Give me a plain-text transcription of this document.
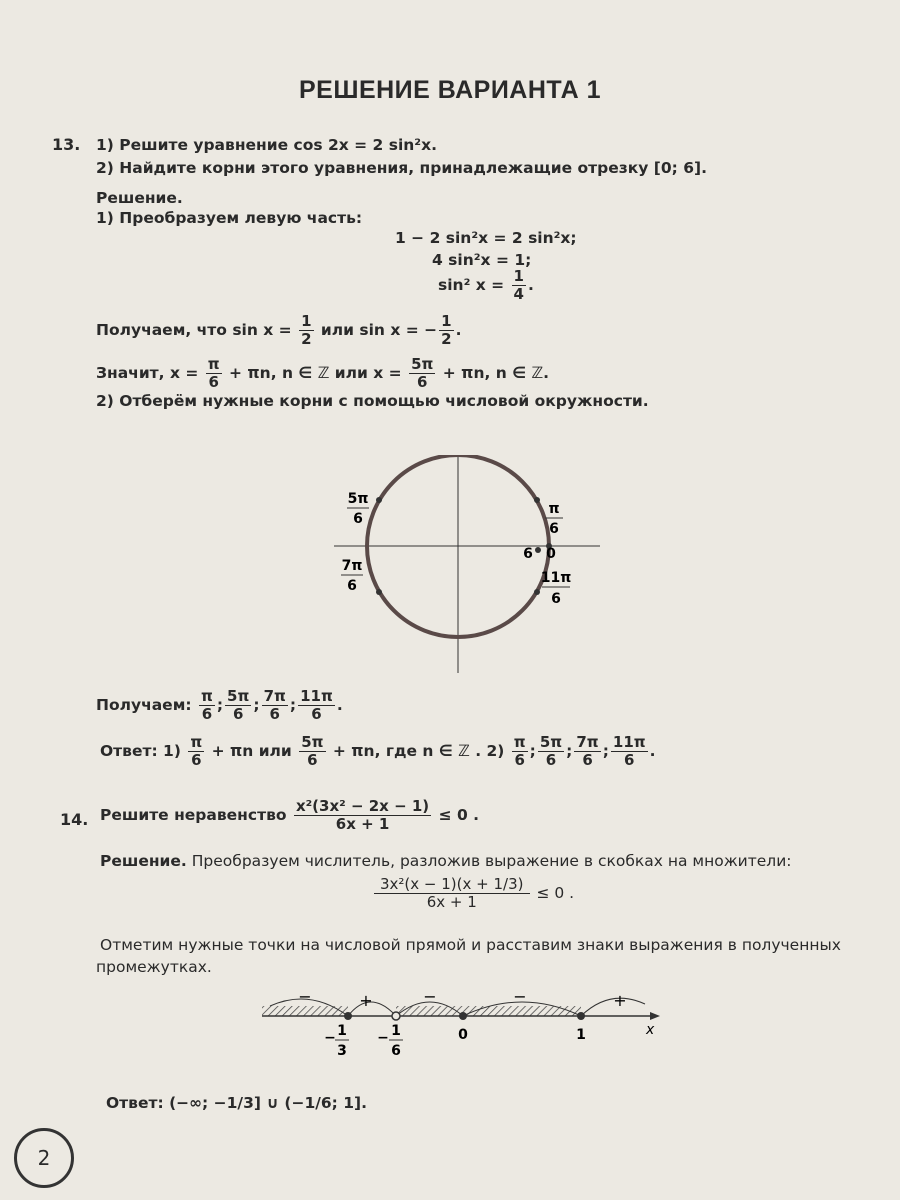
РЕШЕНИЕ ВАРИАНТА 1
13. 1) Решите уравнение cos 2x = 2 sin²x.
2) Найдите корни этого уравнения, принадлежащие отрезку [0; 6].
Решение.
1) Преобразуем левую часть:
1 − 2 sin²x = 2 sin²x;
4 sin²x = 1;
sin² $x = \frac{1}{4}$ .
Получаем, что $\sin x = \frac{1}{2}$ или sin x = − $\frac{1}{2}$ .
Значит, $x = \frac{\pi}{6} + \pi n$, n ∈ ℤ или $x = \frac{5\pi}{6} + \pi n$, n ∈ ℤ.
2) Отберём нужные корни с помощью числовой окружности.
5π
6
π
6
7π
6	11π
6
6 0
Получаем: $\frac{\pi}{6}$ ; $\frac{5\pi}{6}$ ; $\frac{7\pi}{6}$ ; $\frac{11\pi}{6}$ .
Ответ: $1) \frac{\pi}{6} + \pi n$ или $\frac{5\pi}{6} + \pi n$, где n ∈ ℤ . $2) \frac{\pi}{6}$ ; $\frac{5\pi}{6}$ ; $\frac{7\pi}{6}$ ; $\frac{11\pi}{6}$ .
14. Решите неравенство $\frac{\text{x²(3x² − 2x − 1)}}{6x + 1} \le 0$ .
Решение. Преобразуем числитель, разложив выражение в скобках на множители:
$\frac{\text{3x²(x − 1)(x + 1/3)}}{6x + 1} \le 0$ .
Отметим нужные точки на числовой прямой и расставим знаки выражения в полученных
промежутках.
x
−	+	−	−	+
− 1
3
− 1
6
0	1
Ответ: (−∞; −1/3] ∪ (−1/6; 1].
2
